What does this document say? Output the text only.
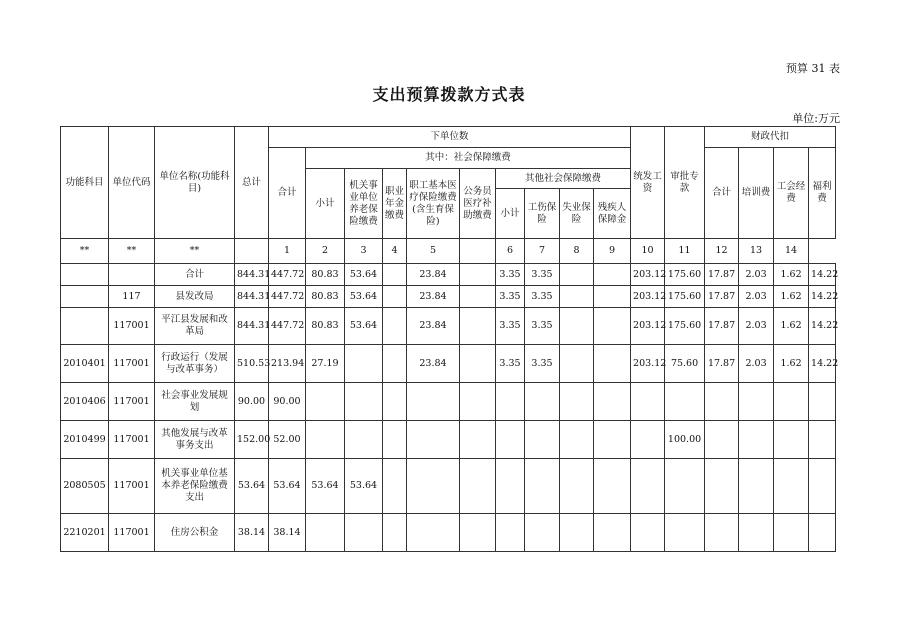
预算 31 表
支出预算拨款方式表
单位:万元
功能科目	单位代码	单位名称(功能科目)	总计	下单位数										统发工资	审批专款	财政代扣			
				合计	其中：社会保障缴费											合计	培训费	工会经费	福利费
					小计	机关事业单位养老保险缴费	职业年金缴费	职工基本医疗保险缴费(含生育保险)	公务员医疗补助缴费	其他社会保障缴费									
										小计	工伤保险	失业保险	残疾人保障金						
**	**	**		1	2	3	4	5		6	7	8	9	10	11	12	13	14	
		合计	844.31	447.72	80.83	53.64		23.84		3.35	3.35			203.12	175.60	17.87	2.03	1.62	14.22
	117	县发改局	844.31	447.72	80.83	53.64		23.84		3.35	3.35			203.12	175.60	17.87	2.03	1.62	14.22
	117001	平江县发展和改革局	844.31	447.72	80.83	53.64		23.84		3.35	3.35			203.12	175.60	17.87	2.03	1.62	14.22
2010401	117001	行政运行（发展与改革事务）	510.53	213.94	27.19			23.84		3.35	3.35			203.12	75.60	17.87	2.03	1.62	14.22
2010406	117001	社会事业发展规划	90.00	90.00															
2010499	117001	其他发展与改革事务支出	152.00	52.00											100.00				
2080505	117001	机关事业单位基本养老保险缴费支出	53.64	53.64	53.64	53.64													
2210201	117001	住房公积金	38.14	38.14															
